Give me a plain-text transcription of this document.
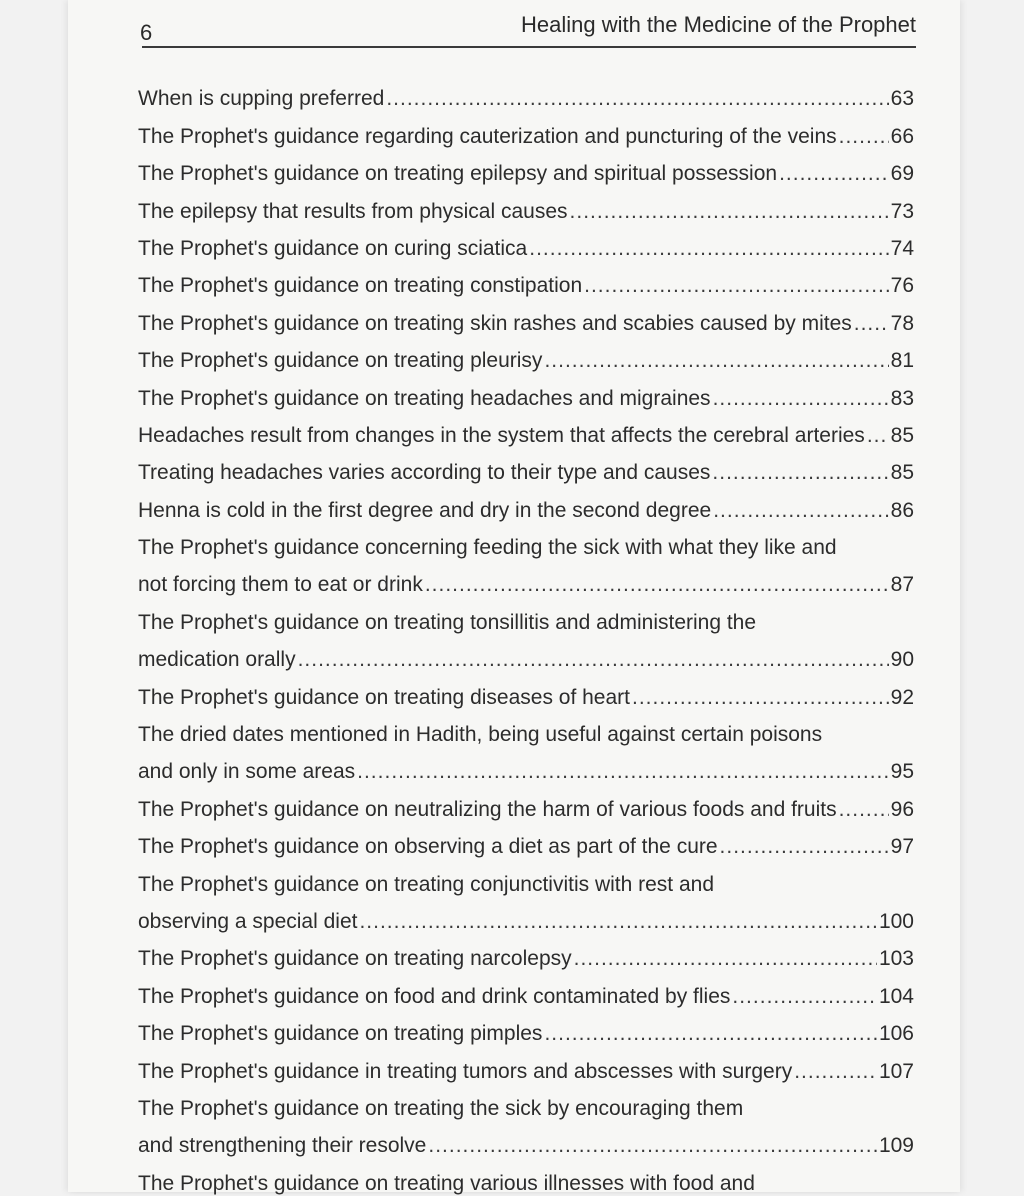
6	Healing with the Medicine of the Prophet
When is cupping preferred .....	63
The Prophet's guidance regarding cauterization and puncturing of the veins .....	66
The Prophet's guidance on treating epilepsy and spiritual possession .....	69
The epilepsy that results from physical causes .....	73
The Prophet's guidance on curing sciatica .....	74
The Prophet's guidance on treating constipation .....	76
The Prophet's guidance on treating skin rashes and scabies caused by mites ..... 78
The Prophet's guidance on treating pleurisy .....	81
The Prophet's guidance on treating headaches and migraines .....	83
Headaches result from changes in the system that affects the cerebral arteries ..... 85
Treating headaches varies according to their type and causes .....	85
Henna is cold in the first degree and dry in the second degree .....	86
The Prophet's guidance concerning feeding the sick with what they like and
not forcing them to eat or drink .....	87
The Prophet's guidance on treating tonsillitis and administering the
medication orally .....	90
The Prophet's guidance on treating diseases of heart .....	92
The dried dates mentioned in Hadith, being useful against certain poisons
and only in some areas .....	95
The Prophet's guidance on neutralizing the harm of various foods and fruits .....	96
The Prophet's guidance on observing a diet as part of the cure .....	97
The Prophet's guidance on treating conjunctivitis with rest and
observing a special diet .....	100
The Prophet's guidance on treating narcolepsy .....	103
The Prophet's guidance on food and drink contaminated by flies .....	104
The Prophet's guidance on treating pimples .....	106
The Prophet's guidance in treating tumors and abscesses with surgery .....	107
The Prophet's guidance on treating the sick by encouraging them
and strengthening their resolve .....	109
The Prophet's guidance on treating various illnesses with food and
